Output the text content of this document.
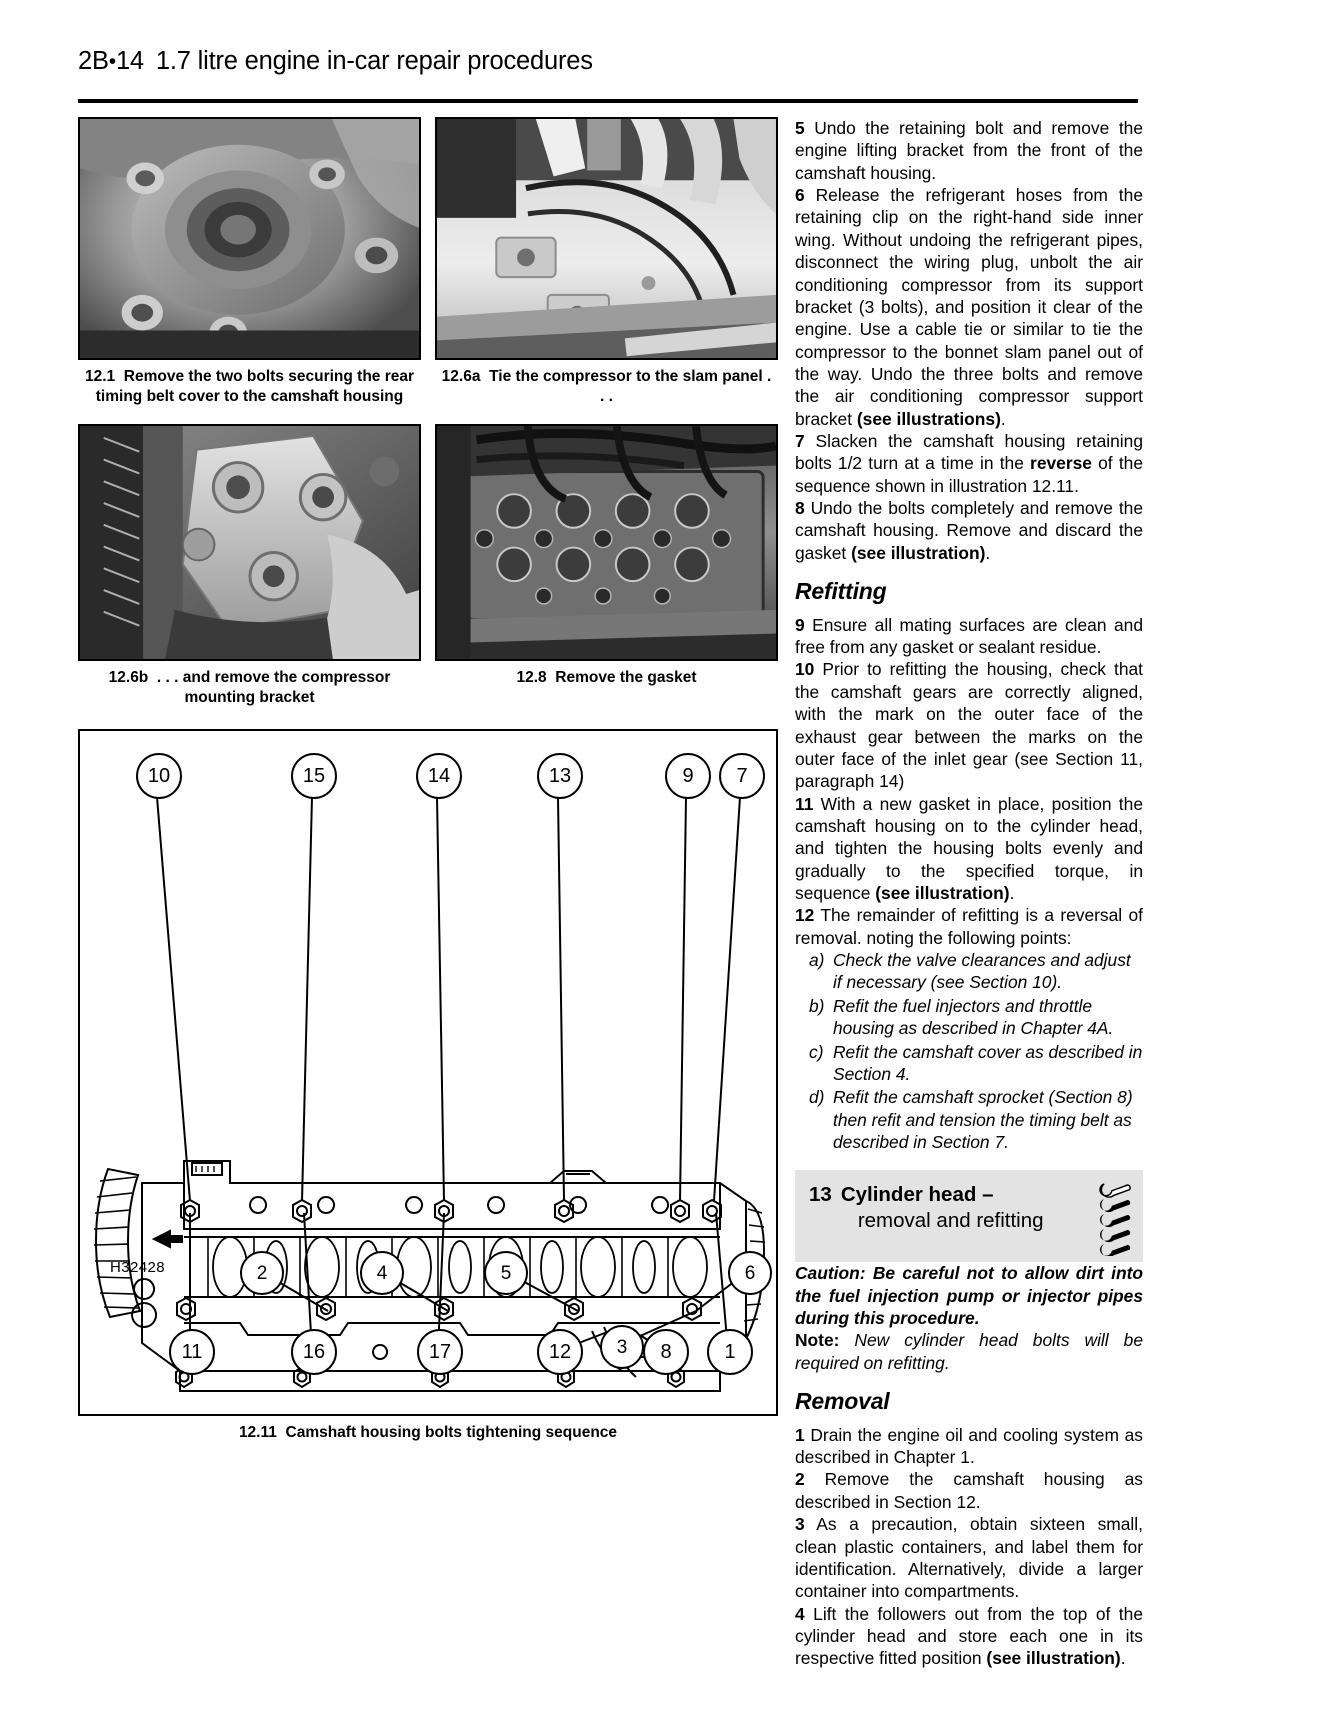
2B•14 1.7 litre engine in-car repair procedures
12.1 Remove the two bolts securing the rear timing belt cover to the camshaft housing
12.6a Tie the compressor to the slam panel . . .
12.6b . . . and remove the compressor mounting bracket
12.8 Remove the gasket
10	15	14	13	9 7
2	4	5
3
6
11	16	17	12	8	1
H32428
12.11 Camshaft housing bolts tightening sequence

5 Undo the retaining bolt and remove the engine lifting bracket from the front of the camshaft housing.

6 Release the refrigerant hoses from the retaining clip on the right-hand side inner wing. Without undoing the refrigerant pipes, disconnect the wiring plug, unbolt the air conditioning compressor from its support bracket (3 bolts), and position it clear of the engine. Use a cable tie or similar to tie the compressor to the bonnet slam panel out of the way. Undo the three bolts and remove the air conditioning compressor support bracket (see illustrations).

7 Slacken the camshaft housing retaining bolts 1/2 turn at a time in the reverse of the sequence shown in illustration 12.11.

8 Undo the bolts completely and remove the camshaft housing. Remove and discard the gasket (see illustration).

Refitting

9 Ensure all mating surfaces are clean and free from any gasket or sealant residue.

10 Prior to refitting the housing, check that the camshaft gears are correctly aligned, with the mark on the outer face of the exhaust gear between the marks on the outer face of the inlet gear (see Section 11, paragraph 14)

11 With a new gasket in place, position the camshaft housing on to the cylinder head, and tighten the housing bolts evenly and gradually to the specified torque, in sequence (see illustration).

12 The remainder of refitting is a reversal of removal. noting the following points:

a) Check the valve clearances and adjust if necessary (see Section 10).
b) Refit the fuel injectors and throttle housing as described in Chapter 4A.
c) Refit the camshaft cover as described in Section 4.
d) Refit the camshaft sprocket (Section 8) then refit and tension the timing belt as described in Section 7.
13 Cylinder head –
removal and refitting

Caution: Be careful not to allow dirt into the fuel injection pump or injector pipes during this procedure.

Note: New cylinder head bolts will be required on refitting.

Removal

1 Drain the engine oil and cooling system as described in Chapter 1.

2 Remove the camshaft housing as described in Section 12.

3 As a precaution, obtain sixteen small, clean plastic containers, and label them for identification. Alternatively, divide a larger container into compartments.

4 Lift the followers out from the top of the cylinder head and store each one in its respective fitted position (see illustration).
